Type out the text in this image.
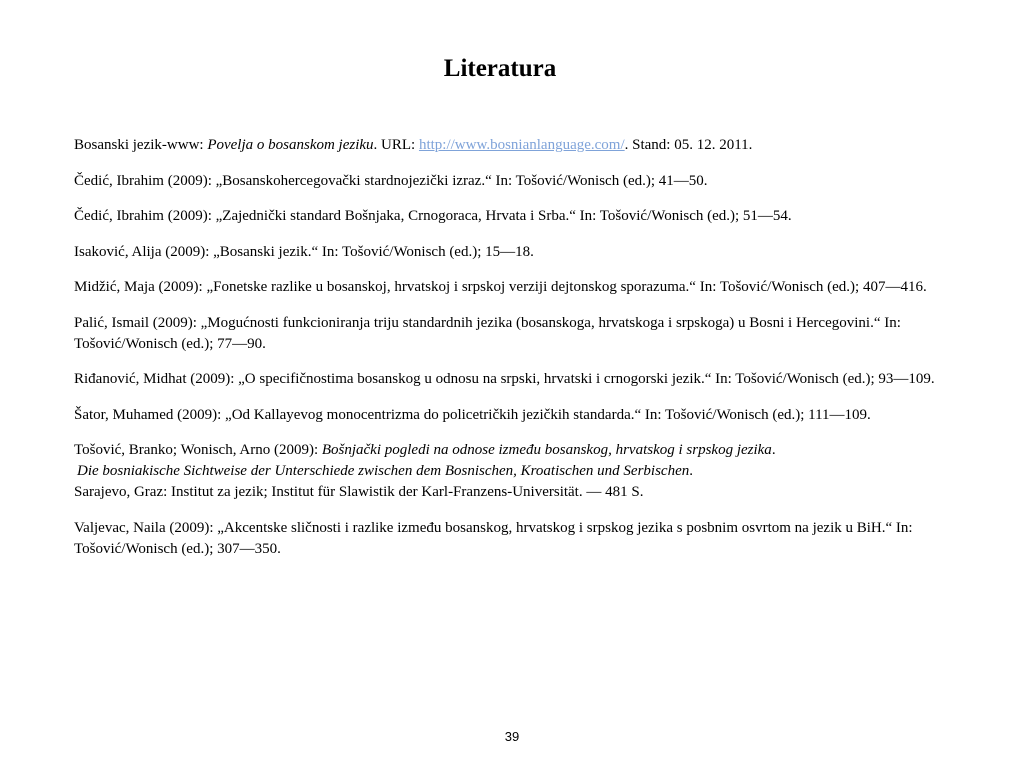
Literatura

Bosanski jezik-www: Povelja o bosanskom jeziku. URL: http://www.bosnianlanguage.com/. Stand: 05. 12. 2011.

Čedić, Ibrahim (2009): „Bosanskohercegovački stardnojezički izraz.“ In: Tošović/Wonisch (ed.); 41—50.

Čedić, Ibrahim (2009): „Zajednički standard Bošnjaka, Crnogoraca, Hrvata i Srba.“ In: Tošović/Wonisch (ed.); 51—54.

Isaković, Alija (2009): „Bosanski jezik.“ In: Tošović/Wonisch (ed.); 15—18.

Midžić, Maja (2009): „Fonetske razlike u bosanskoj, hrvatskoj i srpskoj verziji dejtonskog sporazuma.“ In: Tošović/Wonisch (ed.); 407—416.

Palić, Ismail (2009): „Mogućnosti funkcioniranja triju standardnih jezika (bosanskoga, hrvatskoga i srpskoga) u Bosni i Hercegovini.“ In: Tošović/Wonisch (ed.); 77—90.

Riđanović, Midhat (2009): „O specifičnostima bosanskog u odnosu na srpski, hrvatski i crnogorski jezik.“ In: Tošović/Wonisch (ed.); 93—109.

Šator, Muhamed (2009): „Od Kallayevog monocentrizma do policetričkih jezičkih standarda.“ In: Tošović/Wonisch (ed.); 111—109.

Tošović, Branko; Wonisch, Arno (2009): Bošnjački pogledi na odnose između bosanskog, hrvatskog i srpskog jezika.
Die bosniakische Sichtweise der Unterschiede zwischen dem Bosnischen, Kroatischen und Serbischen.
Sarajevo, Graz: Institut za jezik; Institut für Slawistik der Karl-Franzens-Universität. — 481 S.

Valjevac, Naila (2009): „Akcentske sličnosti i razlike između bosanskog, hrvatskog i srpskog jezika s posbnim osvrtom na jezik u BiH.“ In: Tošović/Wonisch (ed.); 307—350.

39
